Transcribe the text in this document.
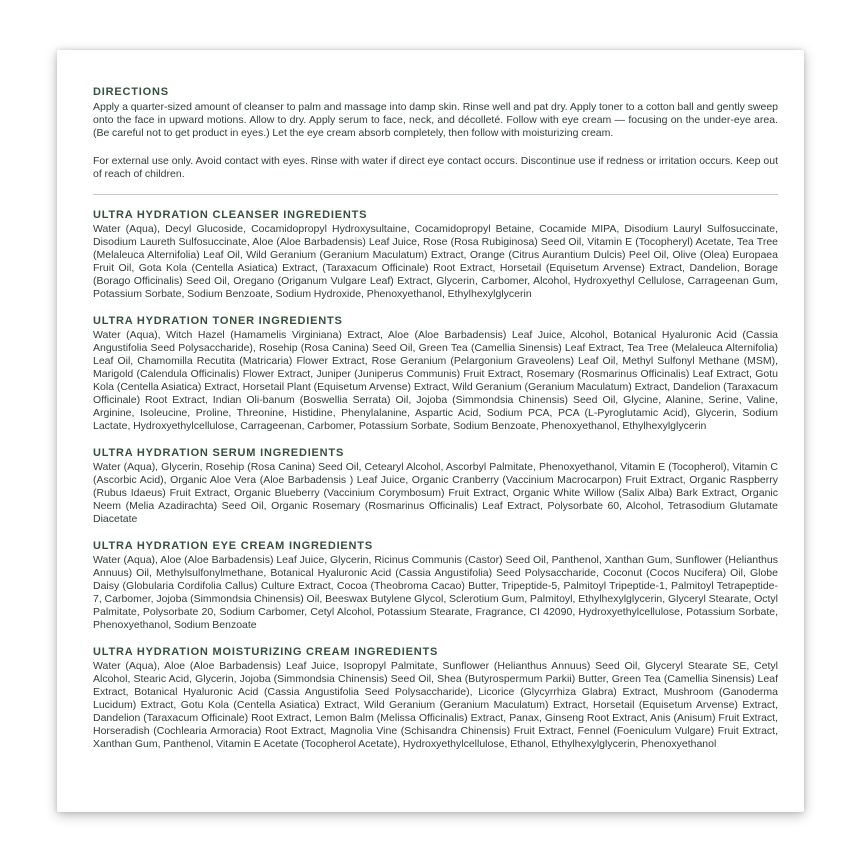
DIRECTIONS

Apply a quarter-sized amount of cleanser to palm and massage into damp skin. Rinse well and pat dry. Apply toner to a cotton ball and gently sweep onto the face in upward motions. Allow to dry. Apply serum to face, neck, and décolleté. Follow with eye cream — focusing on the under-eye area. (Be careful not to get product in eyes.) Let the eye cream absorb completely, then follow with moisturizing cream.

For external use only. Avoid contact with eyes. Rinse with water if direct eye contact occurs. Discontinue use if redness or irritation occurs. Keep out of reach of children.

ULTRA HYDRATION CLEANSER INGREDIENTS

Water (Aqua), Decyl Glucoside, Cocamidopropyl Hydroxysultaine, Cocamidopropyl Betaine, Cocamide MIPA, Disodium Lauryl Sulfosuccinate, Disodium Laureth Sulfosuccinate, Aloe (Aloe Barbadensis) Leaf Juice, Rose (Rosa Rubiginosa) Seed Oil, Vitamin E (Tocopheryl) Acetate, Tea Tree (Melaleuca Alternifolia) Leaf Oil, Wild Geranium (Geranium Maculatum) Extract, Orange (Citrus Aurantium Dulcis) Peel Oil, Olive (Olea) Europaea Fruit Oil, Gota Kola (Centella Asiatica) Extract, (Taraxacum Officinale) Root Extract, Horsetail (Equisetum Arvense) Extract, Dandelion, Borage (Borago Officinalis) Seed Oil, Oregano (Origanum Vulgare Leaf) Extract, Glycerin, Carbomer, Alcohol, Hydroxyethyl Cellulose, Carrageenan Gum, Potassium Sorbate, Sodium Benzoate, Sodium Hydroxide, Phenoxyethanol, Ethylhexylglycerin

ULTRA HYDRATION TONER INGREDIENTS

Water (Aqua), Witch Hazel (Hamamelis Virginiana) Extract, Aloe (Aloe Barbadensis) Leaf Juice, Alcohol, Botanical Hyaluronic Acid (Cassia Angustifolia Seed Polysaccharide), Rosehip (Rosa Canina) Seed Oil, Green Tea (Camellia Sinensis) Leaf Extract, Tea Tree (Melaleuca Alternifolia) Leaf Oil, Chamomilla Recutita (Matricaria) Flower Extract, Rose Geranium (Pelargonium Graveolens) Leaf Oil, Methyl Sulfonyl Methane (MSM), Marigold (Calendula Officinalis) Flower Extract, Juniper (Juniperus Communis) Fruit Extract, Rosemary (Rosmarinus Officinalis) Leaf Extract, Gotu Kola (Centella Asiatica) Extract, Horsetail Plant (Equisetum Arvense) Extract, Wild Geranium (Geranium Maculatum) Extract, Dandelion (Taraxacum Officinale) Root Extract, Indian Oli-banum (Boswellia Serrata) Oil, Jojoba (Simmondsia Chinensis) Seed Oil, Glycine, Alanine, Serine, Valine, Arginine, Isoleucine, Proline, Threonine, Histidine, Phenylalanine, Aspartic Acid, Sodium PCA, PCA (L-Pyroglutamic Acid), Glycerin, Sodium Lactate, Hydroxyethylcellulose, Carrageenan, Carbomer, Potassium Sorbate, Sodium Benzoate, Phenoxyethanol, Ethylhexylglycerin

ULTRA HYDRATION SERUM INGREDIENTS

Water (Aqua), Glycerin, Rosehip (Rosa Canina) Seed Oil, Cetearyl Alcohol, Ascorbyl Palmitate, Phenoxyethanol, Vitamin E (Tocopherol), Vitamin C (Ascorbic Acid), Organic Aloe Vera (Aloe Barbadensis ) Leaf Juice, Organic Cranberry (Vaccinium Macrocarpon) Fruit Extract, Organic Raspberry (Rubus Idaeus) Fruit Extract, Organic Blueberry (Vaccinium Corymbosum) Fruit Extract, Organic White Willow (Salix Alba) Bark Extract, Organic Neem (Melia Azadirachta) Seed Oil, Organic Rosemary (Rosmarinus Officinalis) Leaf Extract, Polysorbate 60, Alcohol, Tetrasodium Glutamate Diacetate

ULTRA HYDRATION EYE CREAM INGREDIENTS

Water (Aqua), Aloe (Aloe Barbadensis) Leaf Juice, Glycerin, Ricinus Communis (Castor) Seed Oil, Panthenol, Xanthan Gum, Sunflower (Helianthus Annuus) Oil, Methylsulfonylmethane, Botanical Hyaluronic Acid (Cassia Angustifolia) Seed Polysaccharide, Coconut (Cocos Nucifera) Oil, Globe Daisy (Globularia Cordifolia Callus) Culture Extract, Cocoa (Theobroma Cacao) Butter, Tripeptide-5, Palmitoyl Tripeptide-1, Palmitoyl Tetrapeptide-7, Carbomer, Jojoba (Simmondsia Chinensis) Oil, Beeswax Butylene Glycol, Sclerotium Gum, Palmitoyl, Ethylhexylglycerin, Glyceryl Stearate, Octyl Palmitate, Polysorbate 20, Sodium Carbomer, Cetyl Alcohol, Potassium Stearate, Fragrance, CI 42090, Hydroxyethylcellulose, Potassium Sorbate, Phenoxyethanol, Sodium Benzoate

ULTRA HYDRATION MOISTURIZING CREAM INGREDIENTS

Water (Aqua), Aloe (Aloe Barbadensis) Leaf Juice, Isopropyl Palmitate, Sunflower (Helianthus Annuus) Seed Oil, Glyceryl Stearate SE, Cetyl Alcohol, Stearic Acid, Glycerin, Jojoba (Simmondsia Chinensis) Seed Oil, Shea (Butyrospermum Parkii) Butter, Green Tea (Camellia Sinensis) Leaf Extract, Botanical Hyaluronic Acid (Cassia Angustifolia Seed Polysaccharide), Licorice (Glycyrrhiza Glabra) Extract, Mushroom (Ganoderma Lucidum) Extract, Gotu Kola (Centella Asiatica) Extract, Wild Geranium (Geranium Maculatum) Extract, Horsetail (Equisetum Arvense) Extract, Dandelion (Taraxacum Officinale) Root Extract, Lemon Balm (Melissa Officinalis) Extract, Panax, Ginseng Root Extract, Anis (Anisum) Fruit Extract, Horseradish (Cochlearia Armoracia) Root Extract, Magnolia Vine (Schisandra Chinensis) Fruit Extract, Fennel (Foeniculum Vulgare) Fruit Extract, Xanthan Gum, Panthenol, Vitamin E Acetate (Tocopherol Acetate), Hydroxyethylcellulose, Ethanol, Ethylhexylglycerin, Phenoxyethanol
